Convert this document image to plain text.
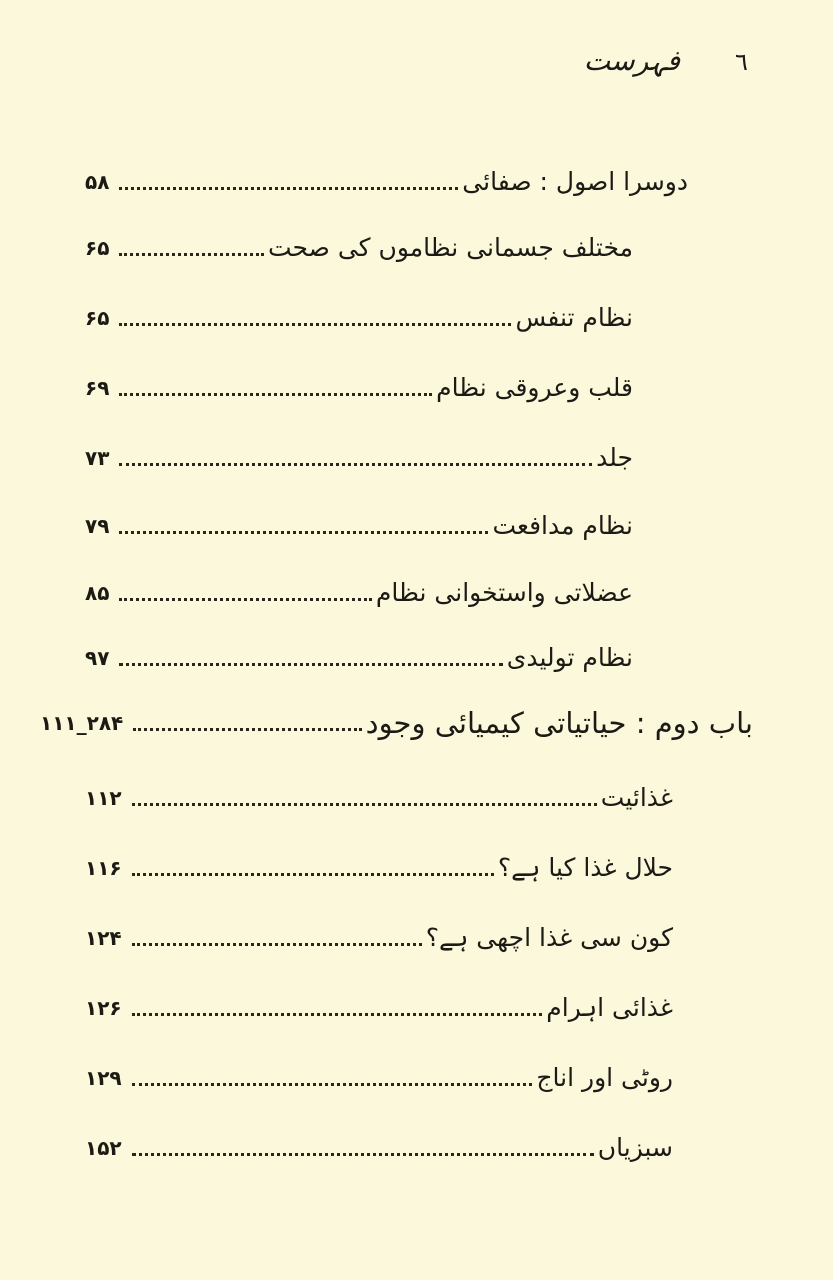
٦
فہرست
دوسرا اصول : صفائی
۵۸
مختلف جسمانی نظاموں کی صحت
۶۵
نظام تنفس
۶۵
قلب وعروقی نظام
۶۹
جلد
۷۳
نظام مدافعت
۷۹
عضلاتی واستخوانی نظام
۸۵
نظام تولیدی
۹۷
باب دوم : حیاتیاتی کیمیائی وجود
۱۱۱_۲۸۴
غذائیت
۱۱۲
حلال غذا کیا ہے؟
۱۱۶
کون سی غذا اچھی ہے؟
۱۲۴
غذائی اہرام
۱۲۶
روٹی اور اناج
۱۲۹
سبزیاں
۱۵۲
